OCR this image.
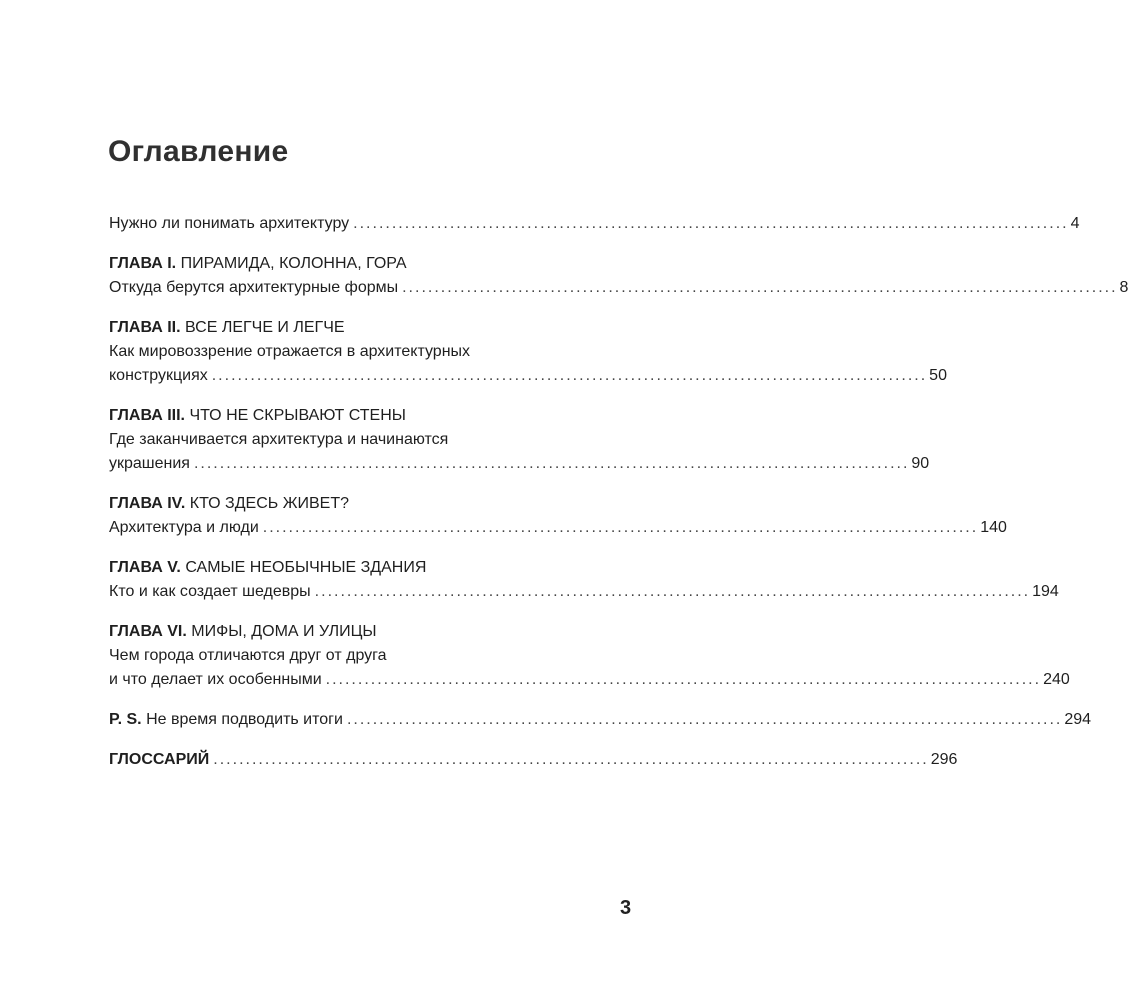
Оглавление
Нужно ли понимать архитектуру ............................................................................................................... 4
ГЛАВА I. ПИРАМИДА, КОЛОННА, ГОРА
Откуда берутся архитектурные формы ............................................................................................................... 8
ГЛАВА II. ВСЕ ЛЕГЧЕ И ЛЕГЧЕ
Как мировоззрение отражается в архитектурных
конструкциях ............................................................................................................... 50
ГЛАВА III. ЧТО НЕ СКРЫВАЮТ СТЕНЫ
Где заканчивается архитектура и начинаются
украшения ............................................................................................................... 90
ГЛАВА IV. КТО ЗДЕСЬ ЖИВЕТ?
Архитектура и люди ............................................................................................................... 140
ГЛАВА V. САМЫЕ НЕОБЫЧНЫЕ ЗДАНИЯ
Кто и как создает шедевры ............................................................................................................... 194
ГЛАВА VI. МИФЫ, ДОМА И УЛИЦЫ
Чем города отличаются друг от друга
и что делает их особенными ............................................................................................................... 240
P. S. Не время подводить итоги ............................................................................................................... 294
ГЛОССАРИЙ ............................................................................................................... 296
3
